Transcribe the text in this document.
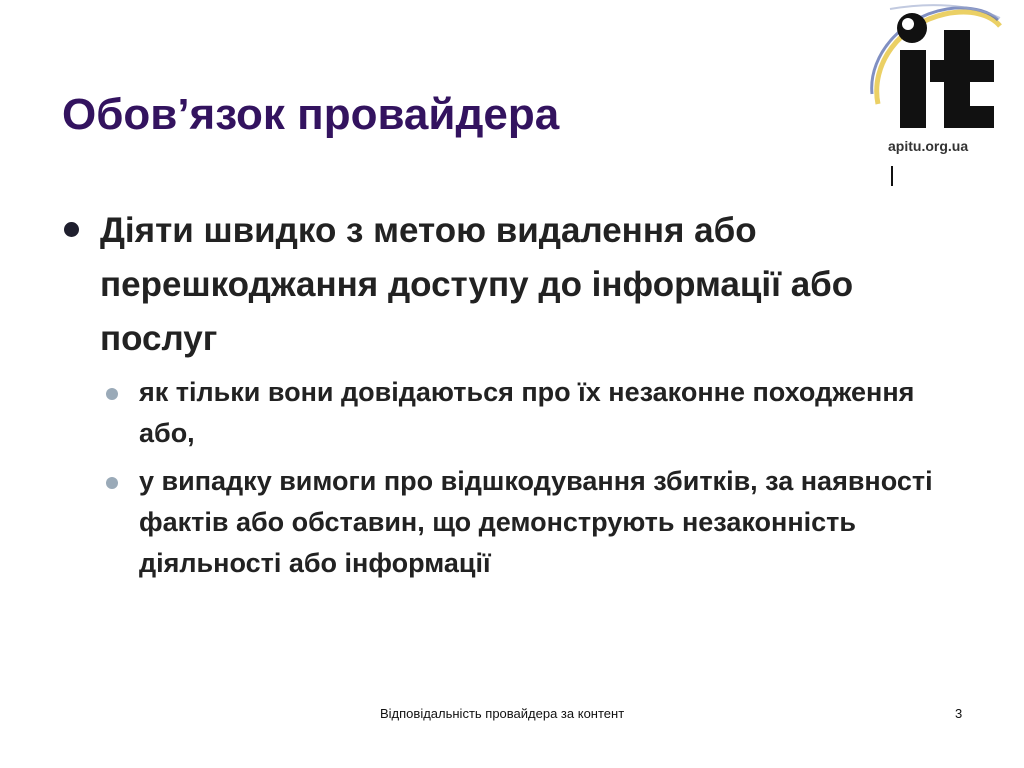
Обов’язок провайдера
apitu.org.ua
Діяти швидко з метою видалення або перешкоджання доступу до інформації або послуг
як тільки вони довідаються про їх незаконне походження або,
у випадку вимоги про відшкодування збитків, за наявності фактів або обставин, що демонструють незаконність діяльності або інформації
Відповідальність провайдера за контент	3
